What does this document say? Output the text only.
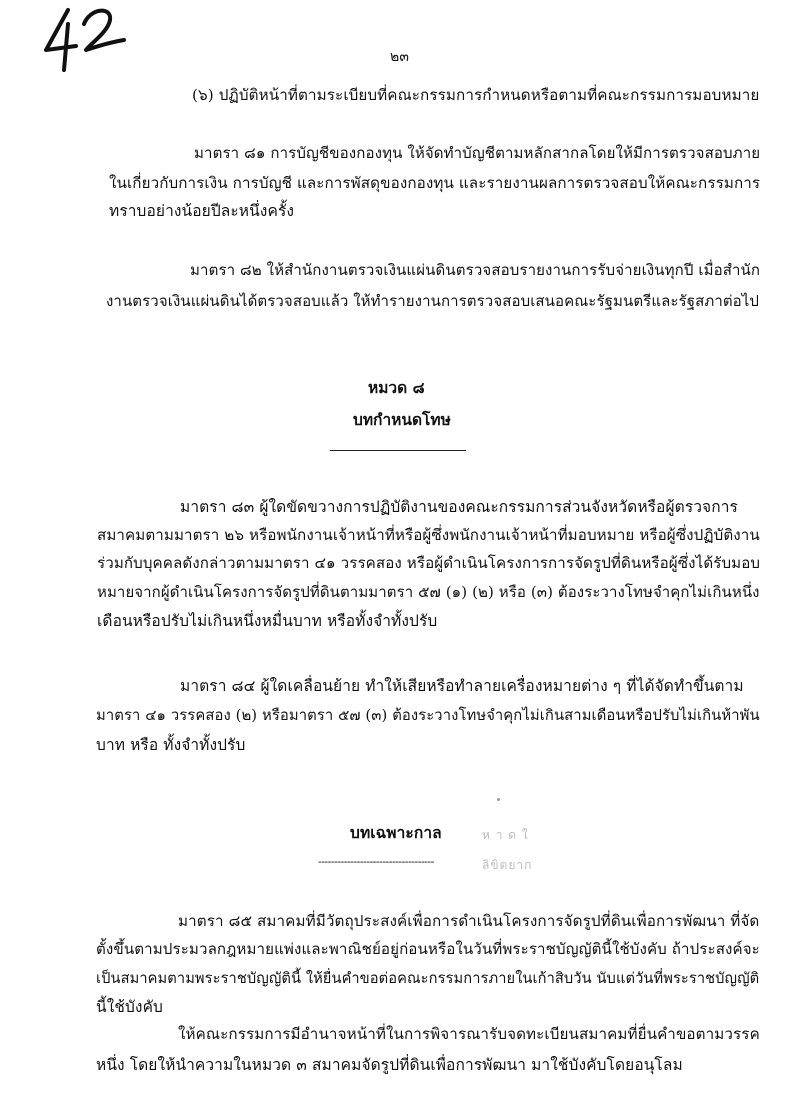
๒๓
(๖) ปฏิบัติหน้าที่ตามระเบียบที่คณะกรรมการกำหนดหรือตามที่คณะกรรมการมอบหมาย
มาตรา ๘๑ การบัญชีของกองทุน ให้จัดทำบัญชีตามหลักสากลโดยให้มีการตรวจสอบภาย
ในเกี่ยวกับการเงิน การบัญชี และการพัสดุของกองทุน และรายงานผลการตรวจสอบให้คณะกรรมการ
ทราบอย่างน้อยปีละหนึ่งครั้ง
มาตรา ๘๒ ให้สำนักงานตรวจเงินแผ่นดินตรวจสอบรายงานการรับจ่ายเงินทุกปี เมื่อสำนัก
งานตรวจเงินแผ่นดินได้ตรวจสอบแล้ว ให้ทำรายงานการตรวจสอบเสนอคณะรัฐมนตรีและรัฐสภาต่อไป
หมวด ๘
บทกำหนดโทษ
มาตรา ๘๓ ผู้ใดขัดขวางการปฏิบัติงานของคณะกรรมการส่วนจังหวัดหรือผู้ตรวจการ
สมาคมตามมาตรา ๒๖ หรือพนักงานเจ้าหน้าที่หรือผู้ซึ่งพนักงานเจ้าหน้าที่มอบหมาย หรือผู้ซึ่งปฏิบัติงาน
ร่วมกับบุคคลดังกล่าวตามมาตรา ๔๑ วรรคสอง หรือผู้ดำเนินโครงการการจัดรูปที่ดินหรือผู้ซึ่งได้รับมอบ
หมายจากผู้ดำเนินโครงการจัดรูปที่ดินตามมาตรา ๕๗ (๑) (๒) หรือ (๓) ต้องระวางโทษจำคุกไม่เกินหนึ่ง
เดือนหรือปรับไม่เกินหนึ่งหมื่นบาท หรือทั้งจำทั้งปรับ
มาตรา ๘๔ ผู้ใดเคลื่อนย้าย ทำให้เสียหรือทำลายเครื่องหมายต่าง ๆ ที่ได้จัดทำขึ้นตาม
มาตรา ๔๑ วรรคสอง (๒) หรือมาตรา ๕๗ (๓) ต้องระวางโทษจำคุกไม่เกินสามเดือนหรือปรับไม่เกินห้าพัน
บาท หรือ ทั้งจำทั้งปรับ
บทเฉพาะกาล	ห า ด ใ
------------------------------------	ลิขิตยาก
มาตรา ๘๕ สมาคมที่มีวัตถุประสงค์เพื่อการดำเนินโครงการจัดรูปที่ดินเพื่อการพัฒนา ที่จัด
ตั้งขึ้นตามประมวลกฎหมายแพ่งและพาณิชย์อยู่ก่อนหรือในวันที่พระราชบัญญัตินี้ใช้บังคับ ถ้าประสงค์จะ
เป็นสมาคมตามพระราชบัญญัตินี้ ให้ยื่นคำขอต่อคณะกรรมการภายในเก้าสิบวัน นับแต่วันที่พระราชบัญญัติ
นี้ใช้บังคับ
ให้คณะกรรมการมีอำนาจหน้าที่ในการพิจารณารับจดทะเบียนสมาคมที่ยื่นคำขอตามวรรค
หนึ่ง โดยให้นำความในหมวด ๓ สมาคมจัดรูปที่ดินเพื่อการพัฒนา มาใช้บังคับโดยอนุโลม
